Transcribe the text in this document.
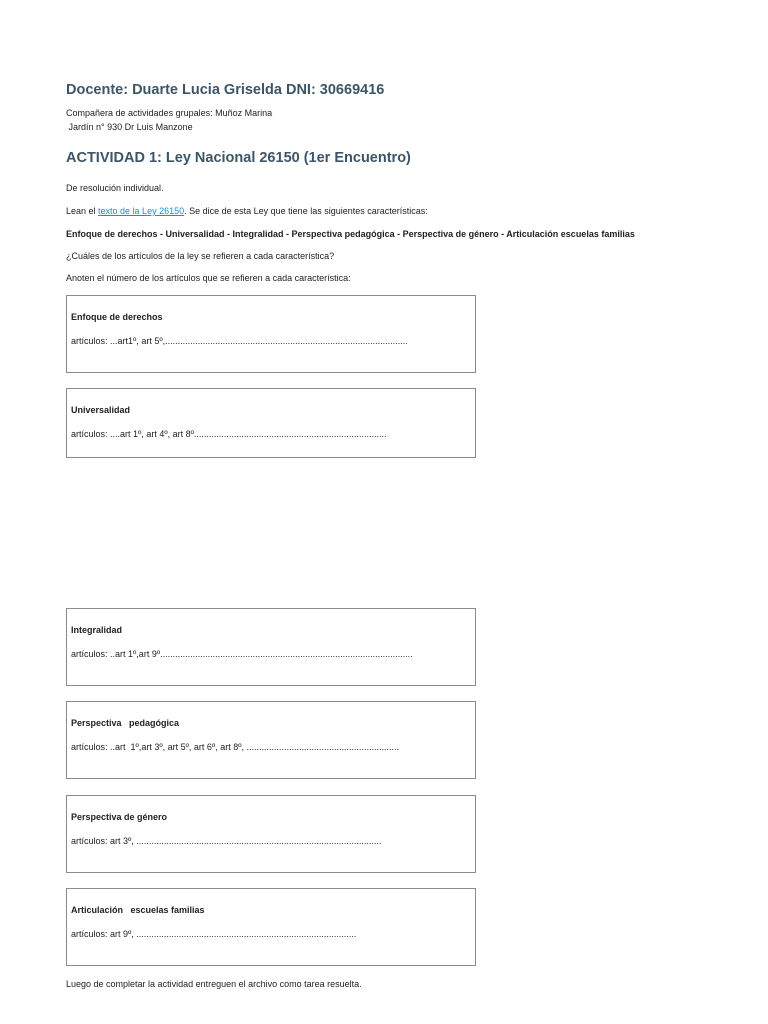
Docente: Duarte Lucia Griselda DNI: 30669416
Compañera de actividades grupales: Muñoz Marina
Jardín n° 930 Dr Luis Manzone
ACTIVIDAD 1: Ley Nacional 26150 (1er Encuentro)
De resolución individual.
Lean el texto de la Ley 26150. Se dice de esta Ley que tiene las siguientes características:
Enfoque de derechos - Universalidad - Integralidad - Perspectiva pedagógica - Perspectiva de género - Articulación escuelas familias
¿Cuáles de los artículos de la ley se refieren a cada característica?
Anoten el número de los artículos que se refieren a cada característica:
Enfoque de derechos
artículos: ...art1º, art 5º,.................................................................................................
Universalidad
artículos: ....art 1º, art 4º, art 8º.............................................................................
Integralidad
artículos: ..art 1º,art 9º.....................................................................................................
Perspectiva   pedagógica
artículos: ..art  1º,art 3º, art 5º, art 6º, art 8º, .............................................................
Perspectiva de género
artículos: art 3º, ..................................................................................................
Articulación   escuelas familias
artículos: art 9º, ........................................................................................
Luego de completar la actividad entreguen el archivo como tarea resuelta.
